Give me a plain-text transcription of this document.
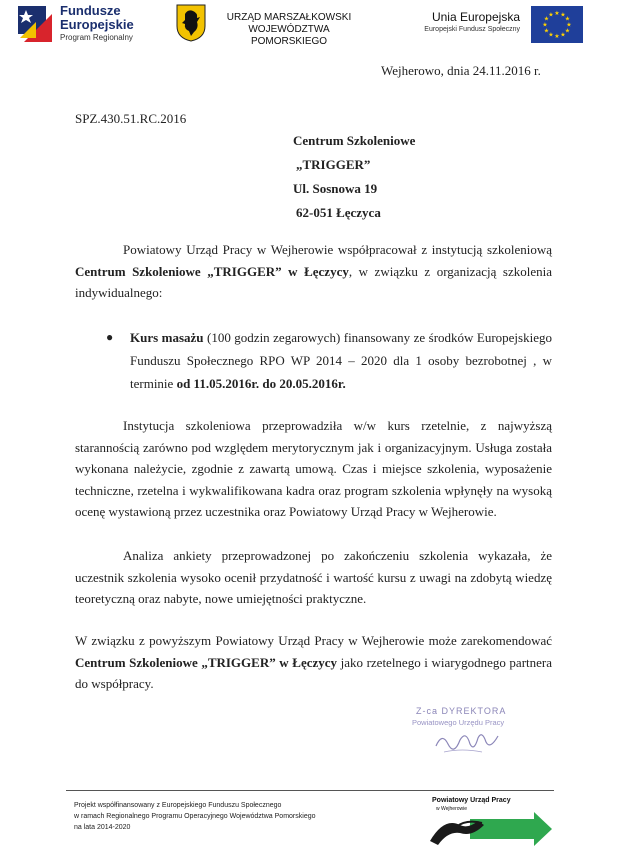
Fundusze
Europejskie
Program Regionalny
URZĄD MARSZAŁKOWSKI
WOJEWÓDZTWA POMORSKIEGO
Unia Europejska
Europejski Fundusz Społeczny
★ ★
★
★
★
★
★
★
★
★
★
★
Wejherowo, dnia 24.11.2016 r.
SPZ.430.51.RC.2016
Centrum Szkoleniowe
„TRIGGER”
Ul. Sosnowa 19
62-051 Łęczyca
Powiatowy Urząd Pracy w Wejherowie współpracował z instytucją szkoleniową Centrum Szkoleniowe „TRIGGER” w Łęczycy, w związku z organizacją szkolenia indywidualnego:
● Kurs masażu (100 godzin zegarowych) finansowany ze środków Europejskiego Funduszu Społecznego RPO WP 2014 – 2020 dla 1 osoby bezrobotnej , w terminie od 11.05.2016r. do 20.05.2016r.
Instytucja szkoleniowa przeprowadziła w/w kurs rzetelnie, z najwyższą starannością zarówno pod względem merytorycznym jak i organizacyjnym. Usługa została wykonana należycie, zgodnie z zawartą umową. Czas i miejsce szkolenia, wyposażenie techniczne, rzetelna i wykwalifikowana kadra oraz program szkolenia wpłynęły na wysoką ocenę wystawioną przez uczestnika oraz Powiatowy Urząd Pracy w Wejherowie.
Analiza ankiety przeprowadzonej po zakończeniu szkolenia wykazała, że uczestnik szkolenia wysoko ocenił przydatność i wartość kursu z uwagi na zdobytą wiedzę teoretyczną oraz nabyte, nowe umiejętności praktyczne.
W związku z powyższym Powiatowy Urząd Pracy w Wejherowie może zarekomendować Centrum Szkoleniowe „TRIGGER” w Łęczycy jako rzetelnego i wiarygodnego partnera do współpracy.
Z-ca DYREKTORA
Powiatowego Urzędu Pracy
Projekt współfinansowany z Europejskiego Funduszu Społecznego
w ramach Regionalnego Programu Operacyjnego Województwa Pomorskiego
na lata 2014-2020
Powiatowy Urząd Pracy
w Wejherowie
